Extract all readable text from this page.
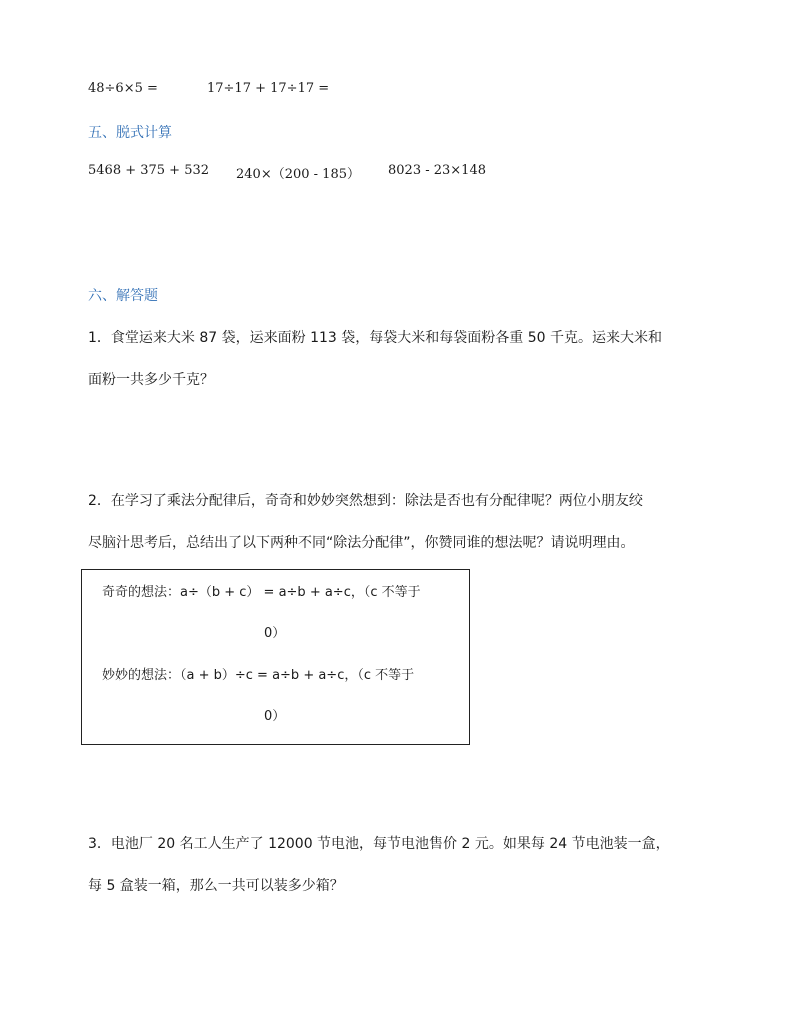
48÷6×5 =	17÷17 + 17÷17 =
五、脱式计算
5468 + 375 + 532 240×（200 - 185） 8023 - 23×148
六、解答题
1．食堂运来大米 87 袋，运来面粉 113 袋，每袋大米和每袋面粉各重 50 千克。运来大米和
面粉一共多少千克？
2．在学习了乘法分配律后，奇奇和妙妙突然想到：除法是否也有分配律呢？两位小朋友绞
尽脑汁思考后，总结出了以下两种不同“除法分配律”，你赞同谁的想法呢？请说明理由。
奇奇的想法：a÷（b + c） = a÷b + a÷c，（c 不等于
0）
妙妙的想法：（a + b）÷c = a÷b + a÷c，（c 不等于
0）
3．电池厂 20 名工人生产了 12000 节电池，每节电池售价 2 元。如果每 24 节电池装一盒，
每 5 盒装一箱，那么一共可以装多少箱？
